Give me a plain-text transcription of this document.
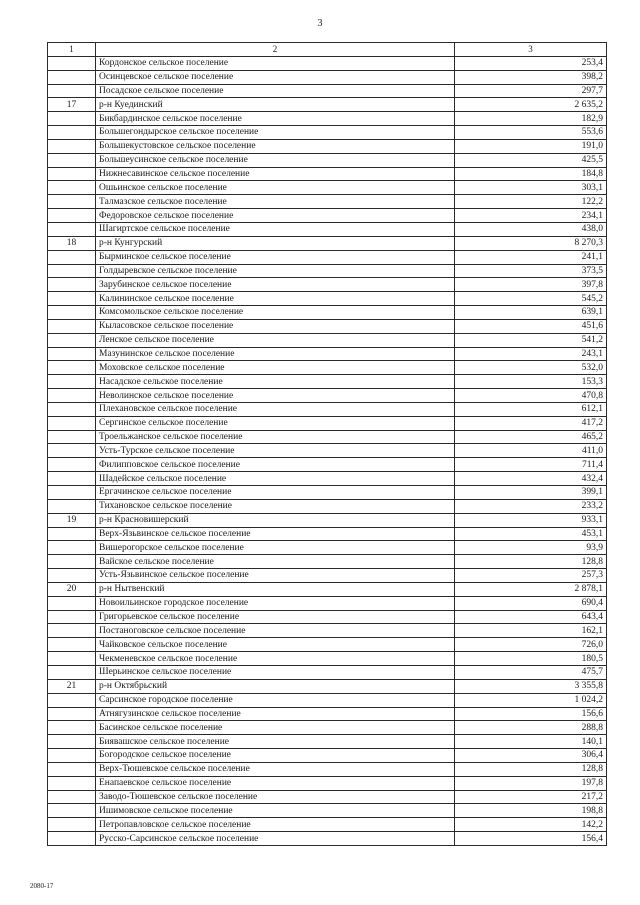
3
1	2	3
	Кордонское сельское поселение	253,4
	Осинцевское сельское поселение	398,2
	Посадское сельское поселение	297,7
17	р-н Куединский	2 635,2
	Бикбардинское сельское поселение	182,9
	Большегондырское сельское поселение	553,6
	Большекустовское сельское поселение	191,0
	Большеусинское сельское поселение	425,5
	Нижнесавинское сельское поселение	184,8
	Ошьинское сельское поселение	303,1
	Талмазское сельское поселение	122,2
	Федоровское сельское поселение	234,1
	Шагиртское сельское поселение	438,0
18	р-н Кунгурский	8 270,3
	Бырминское сельское поселение	241,1
	Голдыревское сельское поселение	373,5
	Зарубинское сельское поселение	397,8
	Калининское сельское поселение	545,2
	Комсомольское сельское поселение	639,1
	Кыласовское сельское поселение	451,6
	Ленское сельское поселение	541,2
	Мазунинское сельское поселение	243,1
	Моховское сельское поселение	532,0
	Насадское сельское поселение	153,3
	Неволинское сельское поселение	470,8
	Плехановское сельское поселение	612,1
	Сергинское сельское поселение	417,2
	Троельжанское сельское поселение	465,2
	Усть-Турское сельское поселение	411,0
	Филипповское сельское поселение	711,4
	Шадейское сельское поселение	432,4
	Ергачинское сельское поселение	399,1
	Тихановское сельское поселение	233,2
19	р-н Красновишерский	933,1
	Верх-Язьвинское сельское поселение	453,1
	Вишерогорское сельское поселение	93,9
	Вайское сельское поселение	128,8
	Усть-Язьвинское сельское поселение	257,3
20	р-н Нытвенский	2 878,1
	Новоильинское городское поселение	690,4
	Григорьевское сельское поселение	643,4
	Постаноговское сельское поселение	162,1
	Чайковское сельское поселение	726,0
	Чекменевское сельское поселение	180,5
	Шерьинское сельское поселение	475,7
21	р-н Октябрьский	3 355,8
	Сарсинское городское поселение	1 024,2
	Атнягузинское сельское поселение	156,6
	Басинское сельское поселение	288,8
	Биявашское сельское поселение	140,1
	Богородское сельское поселение	306,4
	Верх-Тюшевское сельское поселение	128,8
	Енапаевское сельское поселение	197,8
	Заводо-Тюшевское сельское поселение	217,2
	Ишимовское сельское поселение	198,8
	Петропавловское сельское поселение	142,2
	Русско-Сарсинское сельское поселение	156,4
2080-17
